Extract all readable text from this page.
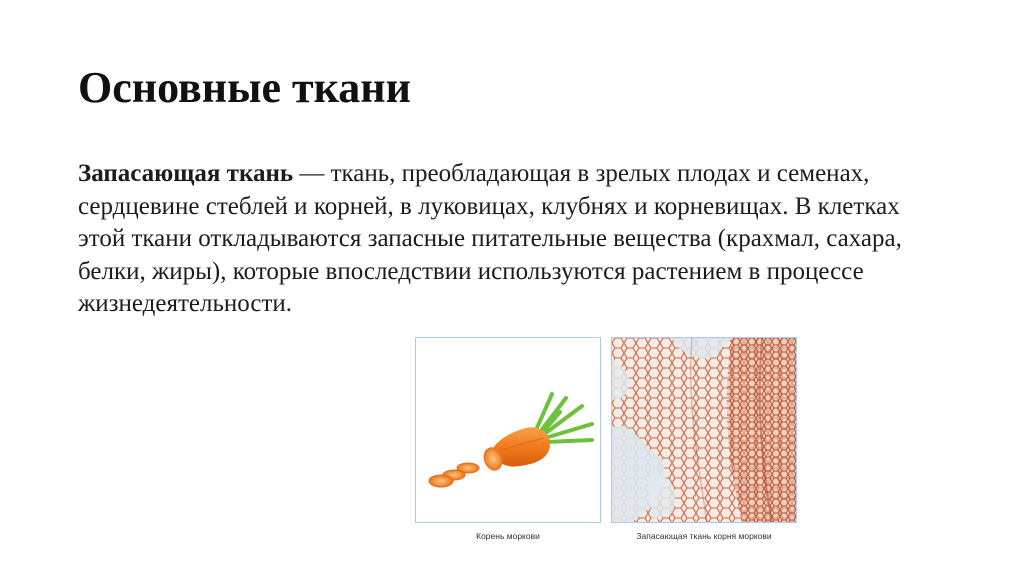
Основные ткани

Запасающая ткань — ткань, преобладающая в зрелых плодах и семенах, сердцевине стеблей и корней, в луковицах, клубнях и корневищах. В клетках этой ткани откладываются запасные питательные вещества (крахмал, сахара, белки, жиры), которые впоследствии используются растением в процессе жизнедеятельности.

Корень моркови	Запасающая ткань корня моркови
